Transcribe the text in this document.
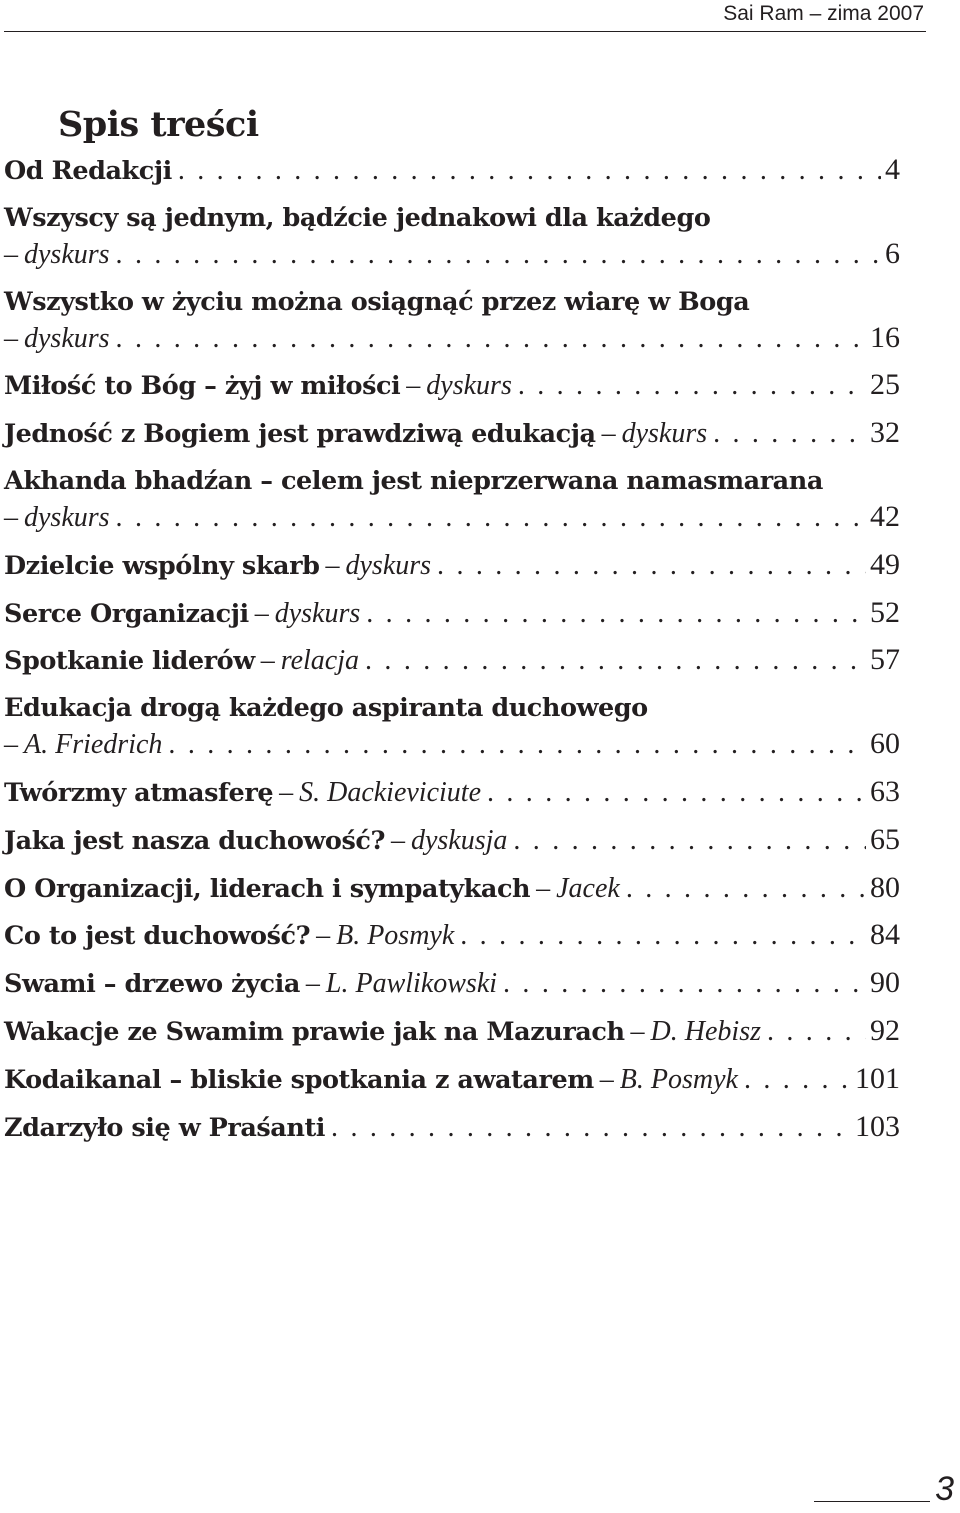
Sai Ram – zima 2007
Spis treści
Od Redakcji . . .	4
Wszyscy są jednym, bądźcie jednakowi dla każdego
– dyskurs . . .	6
Wszystko w życiu można osiągnąć przez wiarę w Boga
– dyskurs . . .	16
Miłość to Bóg – żyj w miłości – dyskurs . . .	25
Jedność z Bogiem jest prawdziwą edukacją – dyskurs . . .	32
Akhanda bhadźan – celem jest nieprzerwana namasmarana
– dyskurs . . .	42
Dzielcie wspólny skarb – dyskurs . . .	49
Serce Organizacji – dyskurs . . .	52
Spotkanie liderów – relacja . . .	57
Edukacja drogą każdego aspiranta duchowego
– A. Friedrich . . .	60
Twórzmy atmasferę – S. Dackieviciute . . .	63
Jaka jest nasza duchowość? – dyskusja . . .	65
O Organizacji, liderach i sympatykach – Jacek . . .	80
Co to jest duchowość? – B. Posmyk . . .	84
Swami – drzewo życia – L. Pawlikowski . . .	90
Wakacje ze Swamim prawie jak na Mazurach – D. Hebisz . . .	92
Kodaikanal – bliskie spotkania z awatarem – B. Posmyk . . .	101
Zdarzyło się w Praśanti . . .	103
3
